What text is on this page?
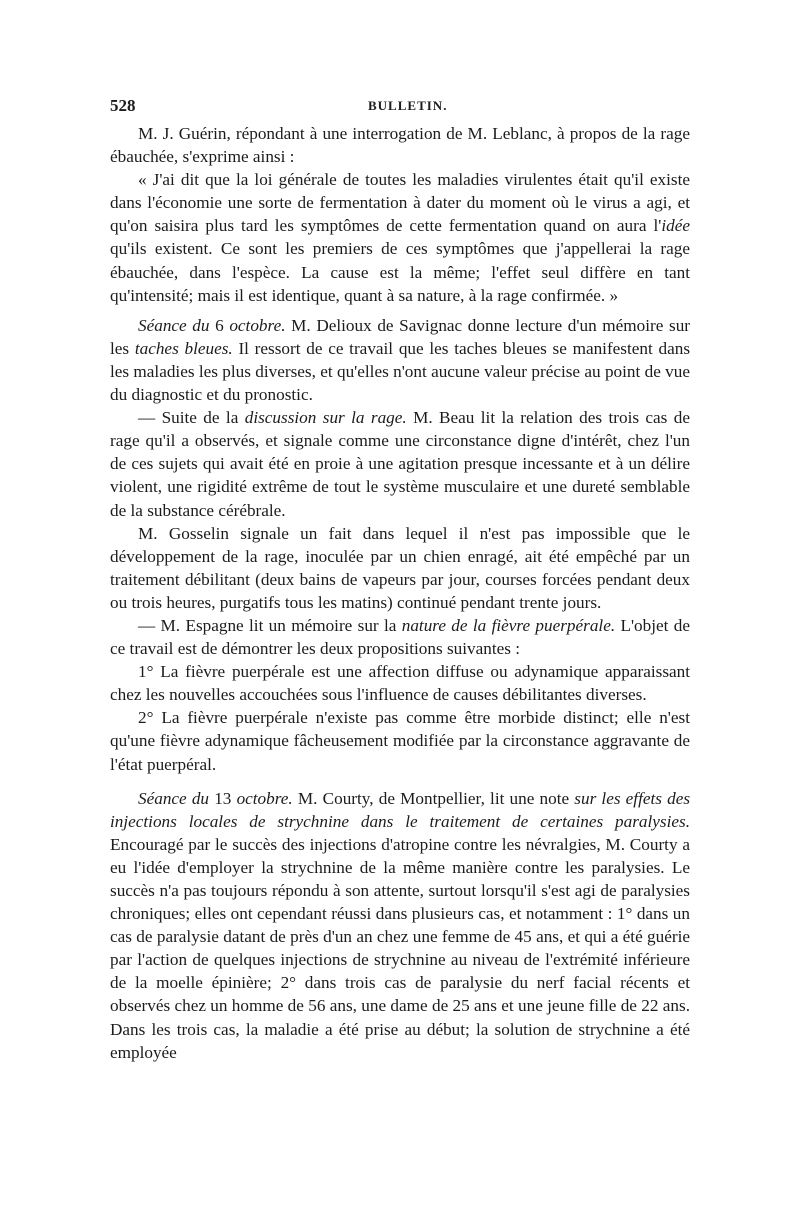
528	BULLETIN.

M. J. Guérin, répondant à une interrogation de M. Leblanc, à propos de la rage ébauchée, s'exprime ainsi :

« J'ai dit que la loi générale de toutes les maladies virulentes était qu'il existe dans l'économie une sorte de fermentation à dater du moment où le virus a agi, et qu'on saisira plus tard les symptômes de cette fermentation quand on aura l'idée qu'ils existent. Ce sont les premiers de ces symptômes que j'appellerai la rage ébauchée, dans l'espèce. La cause est la même; l'effet seul diffère en tant qu'intensité; mais il est identique, quant à sa nature, à la rage confirmée. »

Séance du 6 octobre. M. Delioux de Savignac donne lecture d'un mémoire sur les taches bleues. Il ressort de ce travail que les taches bleues se manifestent dans les maladies les plus diverses, et qu'elles n'ont aucune valeur précise au point de vue du diagnostic et du pronostic.

— Suite de la discussion sur la rage. M. Beau lit la relation des trois cas de rage qu'il a observés, et signale comme une circonstance digne d'intérêt, chez l'un de ces sujets qui avait été en proie à une agitation presque incessante et à un délire violent, une rigidité extrême de tout le système musculaire et une dureté semblable de la substance cérébrale.

M. Gosselin signale un fait dans lequel il n'est pas impossible que le développement de la rage, inoculée par un chien enragé, ait été empêché par un traitement débilitant (deux bains de vapeurs par jour, courses forcées pendant deux ou trois heures, purgatifs tous les matins) continué pendant trente jours.

— M. Espagne lit un mémoire sur la nature de la fièvre puerpérale. L'objet de ce travail est de démontrer les deux propositions suivantes :

1° La fièvre puerpérale est une affection diffuse ou adynamique apparaissant chez les nouvelles accouchées sous l'influence de causes débilitantes diverses.

2° La fièvre puerpérale n'existe pas comme être morbide distinct; elle n'est qu'une fièvre adynamique fâcheusement modifiée par la circonstance aggravante de l'état puerpéral.

Séance du 13 octobre. M. Courty, de Montpellier, lit une note sur les effets des injections locales de strychnine dans le traitement de certaines paralysies. Encouragé par le succès des injections d'atropine contre les névralgies, M. Courty a eu l'idée d'employer la strychnine de la même manière contre les paralysies. Le succès n'a pas toujours répondu à son attente, surtout lorsqu'il s'est agi de paralysies chroniques; elles ont cependant réussi dans plusieurs cas, et notamment : 1° dans un cas de paralysie datant de près d'un an chez une femme de 45 ans, et qui a été guérie par l'action de quelques injections de strychnine au niveau de l'extrémité inférieure de la moelle épinière; 2° dans trois cas de paralysie du nerf facial récents et observés chez un homme de 56 ans, une dame de 25 ans et une jeune fille de 22 ans. Dans les trois cas, la maladie a été prise au début; la solution de strychnine a été employée
